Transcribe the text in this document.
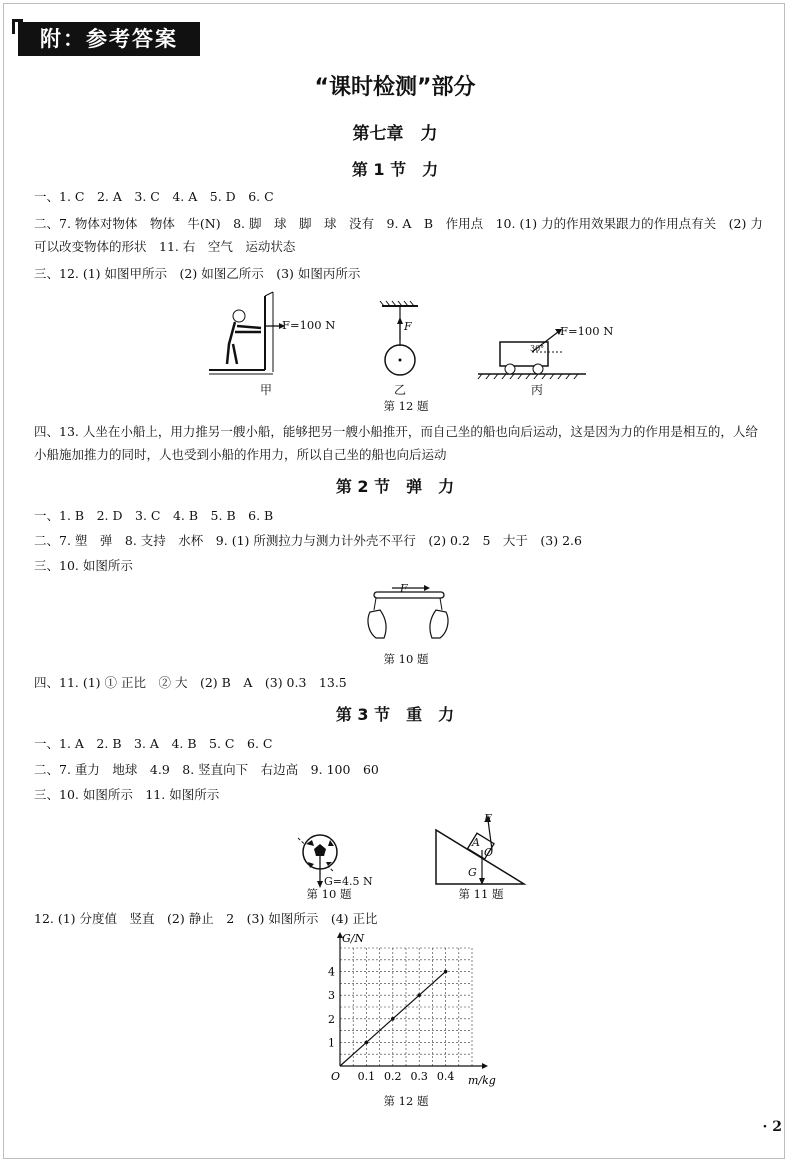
附：参考答案
“课时检测”部分
第七章　力
第 1 节　力
一、1. C　2. A　3. C　4. A　5. D　6. C
二、7. 物体对物体　物体　牛(N)　8. 脚　球　脚　球　没有　9. A　B　作用点　10. (1) 力的作用效果跟力的作用点有关　(2) 力可以改变物体的形状　11. 右　空气　运动状态
三、12. (1) 如图甲所示　(2) 如图乙所示　(3) 如图丙所示
F=100 N
甲
F
乙
30°
F=100 N
丙
第 12 题
四、13. 人坐在小船上，用力推另一艘小船，能够把另一艘小船推开，而自己坐的船也向后运动，这是因为力的作用是相互的，人给小船施加推力的同时，人也受到小船的作用力，所以自己坐的船也向后运动
第 2 节　弹　力
一、1. B　2. D　3. C　4. B　5. B　6. B
二、7. 塑　弹　8. 支持　水杯　9. (1) 所测拉力与测力计外壳不平行　(2) 0.2　5　大于　(3) 2.6
三、10. 如图所示
F
第 10 题
四、11. (1) ① 正比　② 大　(2) B　A　(3) 0.3　13.5
第 3 节　重　力
一、1. A　2. B　3. A　4. B　5. C　6. C
二、7. 重力　地球　4.9　8. 竖直向下　右边高　9. 100　60
三、10. 如图所示　11. 如图所示
G=4.5 N
第 10 题
F
A
O
G
第 11 题
12. (1) 分度值　竖直　(2) 静止　2　(3) 如图所示　(4) 正比
0.1 0.2 0.3 0.4
1
2
3
4
O	m/kg
G/N
第 12 题
· 2
